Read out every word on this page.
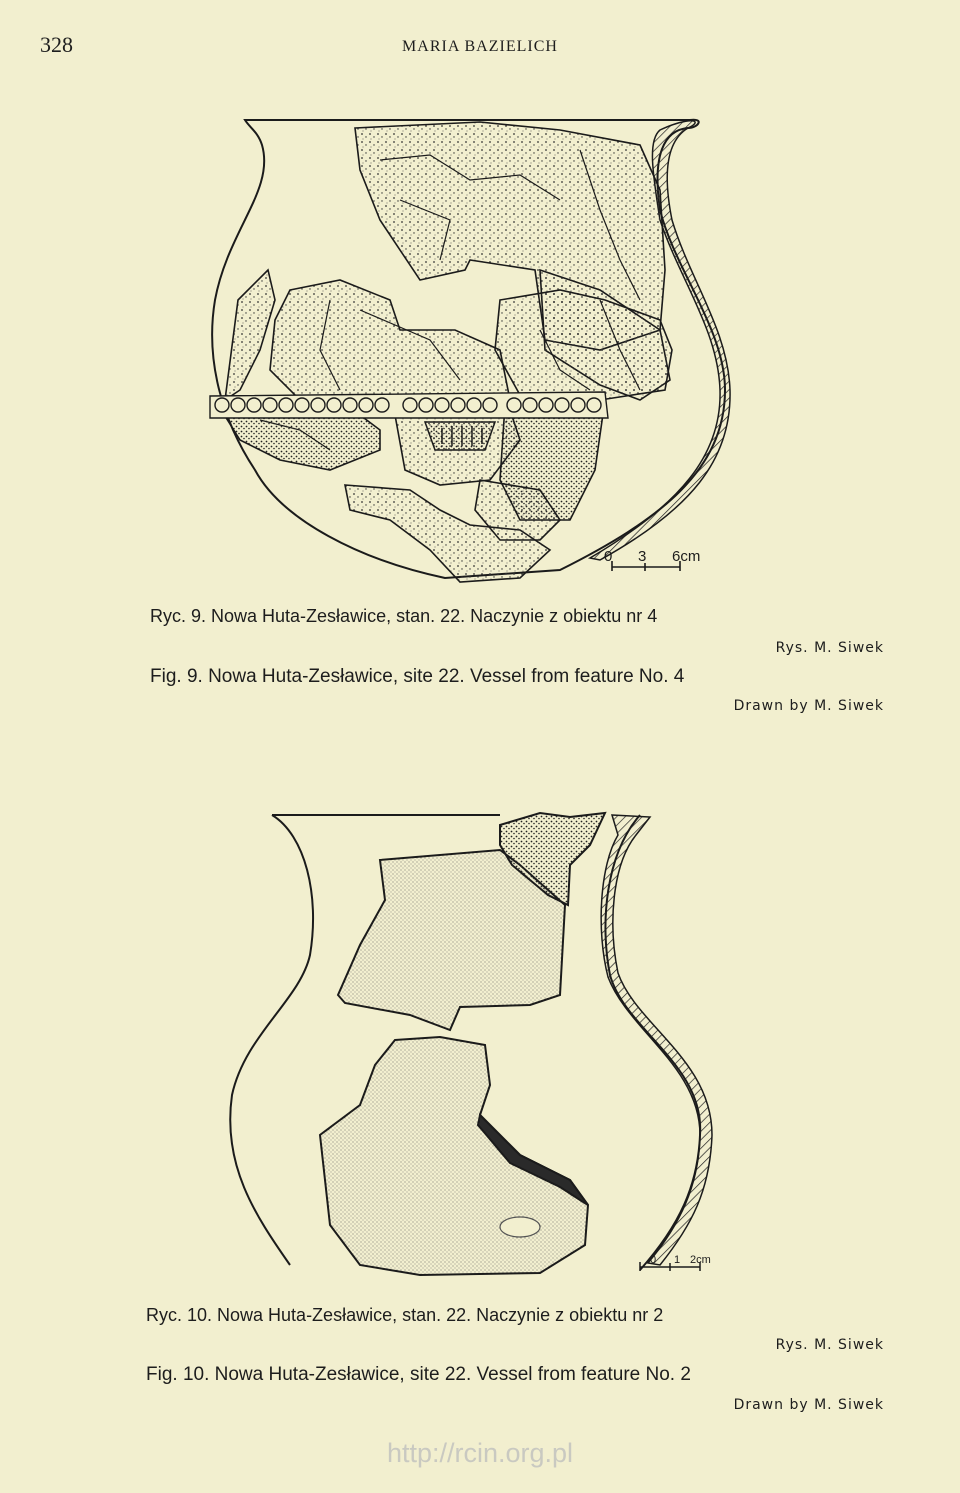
328	MARIA BAZIELICH
0 3 6cm
Ryc. 9. Nowa Huta-Zesławice, stan. 22. Naczynie z obiektu nr 4
Rys. M. Siwek
Fig. 9. Nowa Huta-Zesławice, site 22. Vessel from feature No. 4
Drawn by M. Siwek
0 1 2cm
Ryc. 10. Nowa Huta-Zesławice, stan. 22. Naczynie z obiektu nr 2
Rys. M. Siwek
Fig. 10. Nowa Huta-Zesławice, site 22. Vessel from feature No. 2
Drawn by M. Siwek
http://rcin.org.pl
